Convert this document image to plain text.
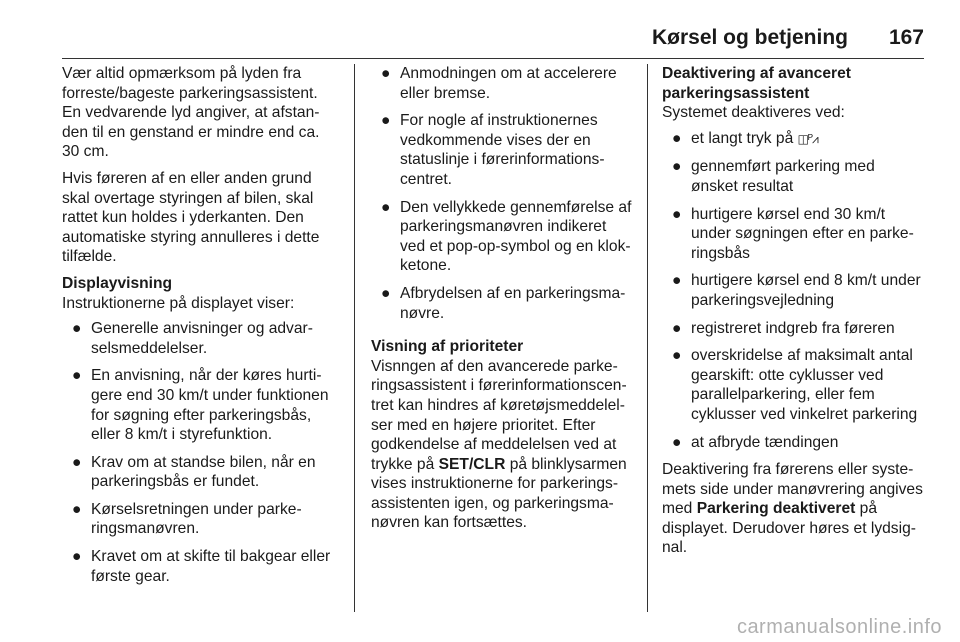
Kørsel og betjening 167

Vær altid opmærksom på lyden fra forreste/bageste parkeringsassistent. En vedvarende lyd angiver, at afstanden til en genstand er mindre end ca. 30 cm.

Hvis føreren af en eller anden grund skal overtage styringen af bilen, skal rattet kun holdes i yderkanten. Den automatiske styring annulleres i dette tilfælde.

Displayvisning

Instruktionerne på displayet viser:

● Generelle anvisninger og advarselsmeddelelser.
● En anvisning, når der køres hurtigere end 30 km/t under funktionen for søgning efter parkeringsbås, eller 8 km/t i styrefunktion.
● Krav om at standse bilen, når en parkeringsbås er fundet.
● Kørselsretningen under parkeringsmanøvren.
● Kravet om at skifte til bakgear eller første gear.
● Anmodningen om at accelerere eller bremse.
● For nogle af instruktionernes vedkommende vises der en statuslinje i førerinformationscentret.
● Den vellykkede gennemførelse af parkeringsmanøvren indikeret ved et pop-op-symbol og en klokketone.
● Afbrydelsen af en parkeringsmanøvre.
Visning af prioriteter

Visnngen af den avancerede parkeringsassistent i førerinformationscentret kan hindres af køretøjsmeddelelser med en højere prioritet. Efter godkendelse af meddelelsen ved at trykke på SET/CLR på blinklysarmen vises instruktionerne for parkeringsassistenten igen, og parkeringsmanøvren kan fortsættes.

Deaktivering af avanceret parkeringsassistent

Systemet deaktiveres ved:

● et langt tryk på ◫ᴾ⩘
● gennemført parkering med ønsket resultat
● hurtigere kørsel end 30 km/t under søgningen efter en parkeringsbås
● hurtigere kørsel end 8 km/t under parkeringsvejledning
● registreret indgreb fra føreren
● overskridelse af maksimalt antal gearskift: otte cyklusser ved parallelparkering, eller fem cyklusser ved vinkelret parkering
● at afbryde tændingen

Deaktivering fra førerens eller systemets side under manøvrering angives med Parkering deaktiveret på displayet. Derudover høres et lydsignal.

carmanualsonline.info
